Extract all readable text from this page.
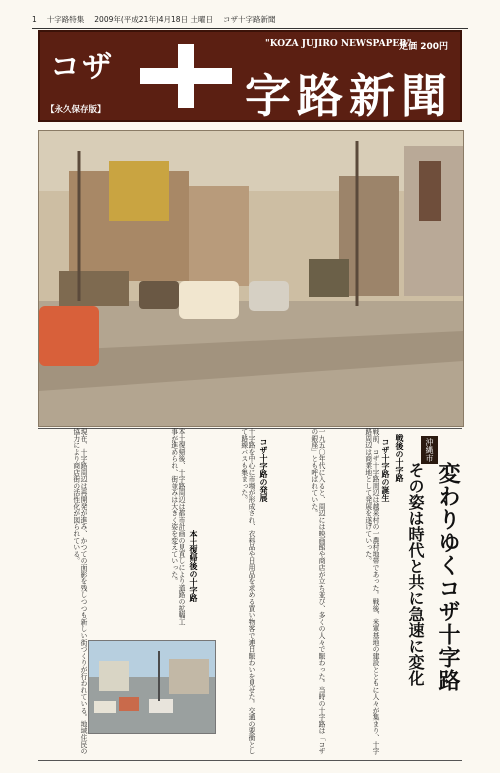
1 十字路特集 2009年(平成21年)4月18日 土曜日 コザ十字路新聞
コザ
字路新聞
"KOZA JUJIRO NEWSPAPER"
定価 200円
【永久保存版】
沖縄市
変わりゆくコザ十字路
その姿は時代と共に急速に変化
戦後の十字路
コザ十字路の誕生
戦前、コザ十字路周辺は越来村の一農村地帯であった。戦後、米軍基地の建設とともに人々が集まり、十字路周辺は商業地として発展を遂げていった。
一九五〇年代に入ると、周辺には映画館や商店が立ち並び、多くの人々で賑わった。当時の十字路は「コザの銀座」とも呼ばれていた。
コザ十字路の発展
十字路を中心に市場が形成され、衣料品や日用品を求める買い物客で連日賑わいを見せた。交通の要衝として路線バスも集まった。
本土復帰後の十字路
本土復帰後、十字路周辺は都市計画の見直しにより道路の拡幅工事が進められ、街並みは大きく姿を変えていった。
現在、十字路周辺は再開発が進み、かつての面影を残しつつも新しい街づくりが行われている。地域住民の協力により商店街の活性化が図られている。
